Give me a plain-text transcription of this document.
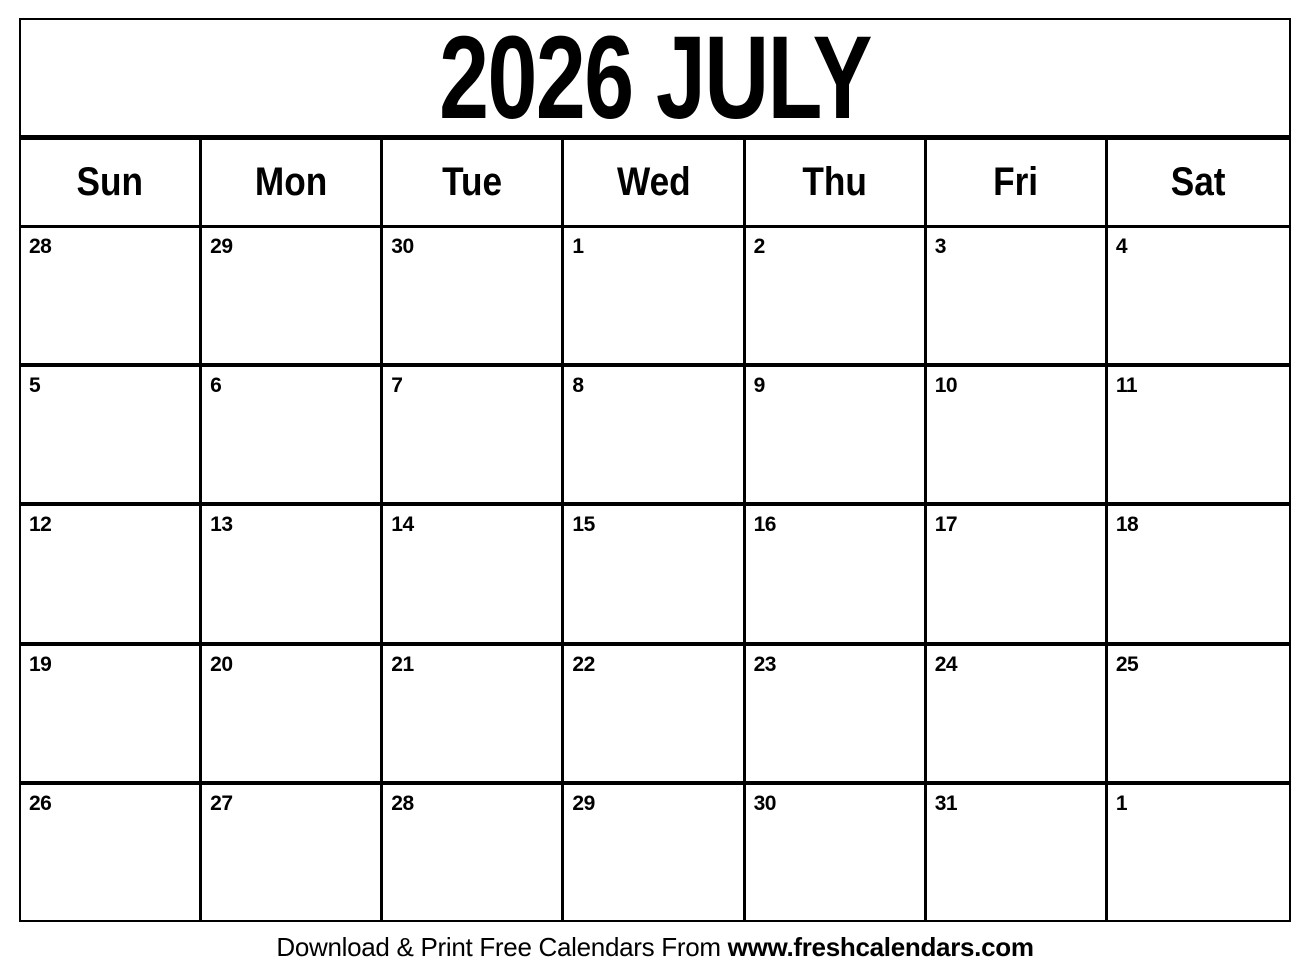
2026 JULY
Sun	Mon	Tue	Wed	Thu	Fri	Sat
28	29	30	1	2	3	4
5	6	7	8	9	10	11
12	13	14	15	16	17	18
19	20	21	22	23	24	25
26	27	28	29	30	31	1
Download & Print Free Calendars From www.freshcalendars.com
